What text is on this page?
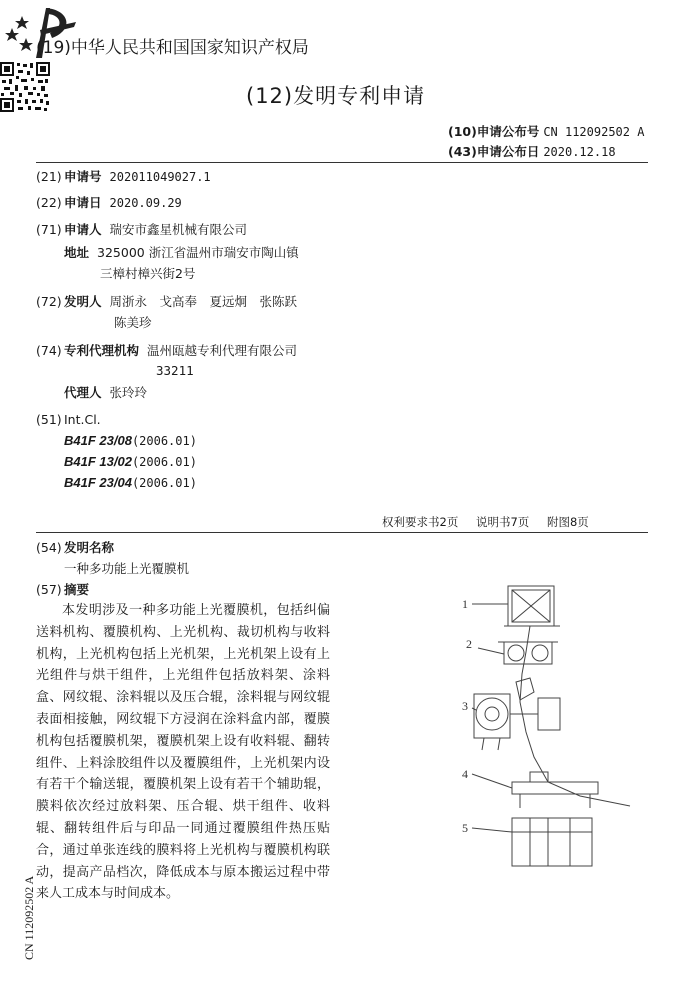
(19)中华人民共和国国家知识产权局
(12)发明专利申请
(10)申请公布号 CN 112092502 A
(43)申请公布日 2020.12.18
(21) 申请号 202011049027.1
(22) 申请日 2020.09.29
(71) 申请人 瑞安市鑫星机械有限公司
地址 325000 浙江省温州市瑞安市陶山镇
三樟村樟兴街2号
(72) 发明人 周浙永　戈高奉　夏远炯　张陈跃
陈美珍
(74) 专利代理机构 温州瓯越专利代理有限公司
33211
代理人 张玲玲
(51) Int.Cl.
B41F 23/08(2006.01)
B41F 13/02(2006.01)
B41F 23/04(2006.01)
权利要求书2页 说明书7页 附图8页
(54) 发明名称
一种多功能上光覆膜机
(57) 摘要
本发明涉及一种多功能上光覆膜机，包括纠偏送料机构、覆膜机构、上光机构、裁切机构与收料机构，上光机构包括上光机架，上光机架上设有上光组件与烘干组件，上光组件包括放料架、涂料盒、网纹辊、涂料辊以及压合辊，涂料辊与网纹辊表面相接触，网纹辊下方浸润在涂料盒内部，覆膜机构包括覆膜机架，覆膜机架上设有收料辊、翻转组件、上料涂胶组件以及覆膜组件，上光机架内设有若干个输送辊，覆膜机架上设有若干个辅助辊，膜料依次经过放料架、压合辊、烘干组件、收料辊、翻转组件后与印品一同通过覆膜组件热压贴合，通过单张连线的膜料将上光机构与覆膜机构联动，提高产品档次，降低成本与原本搬运过程中带来人工成本与时间成本。
1
2
3
4
5
CN 112092502 A
